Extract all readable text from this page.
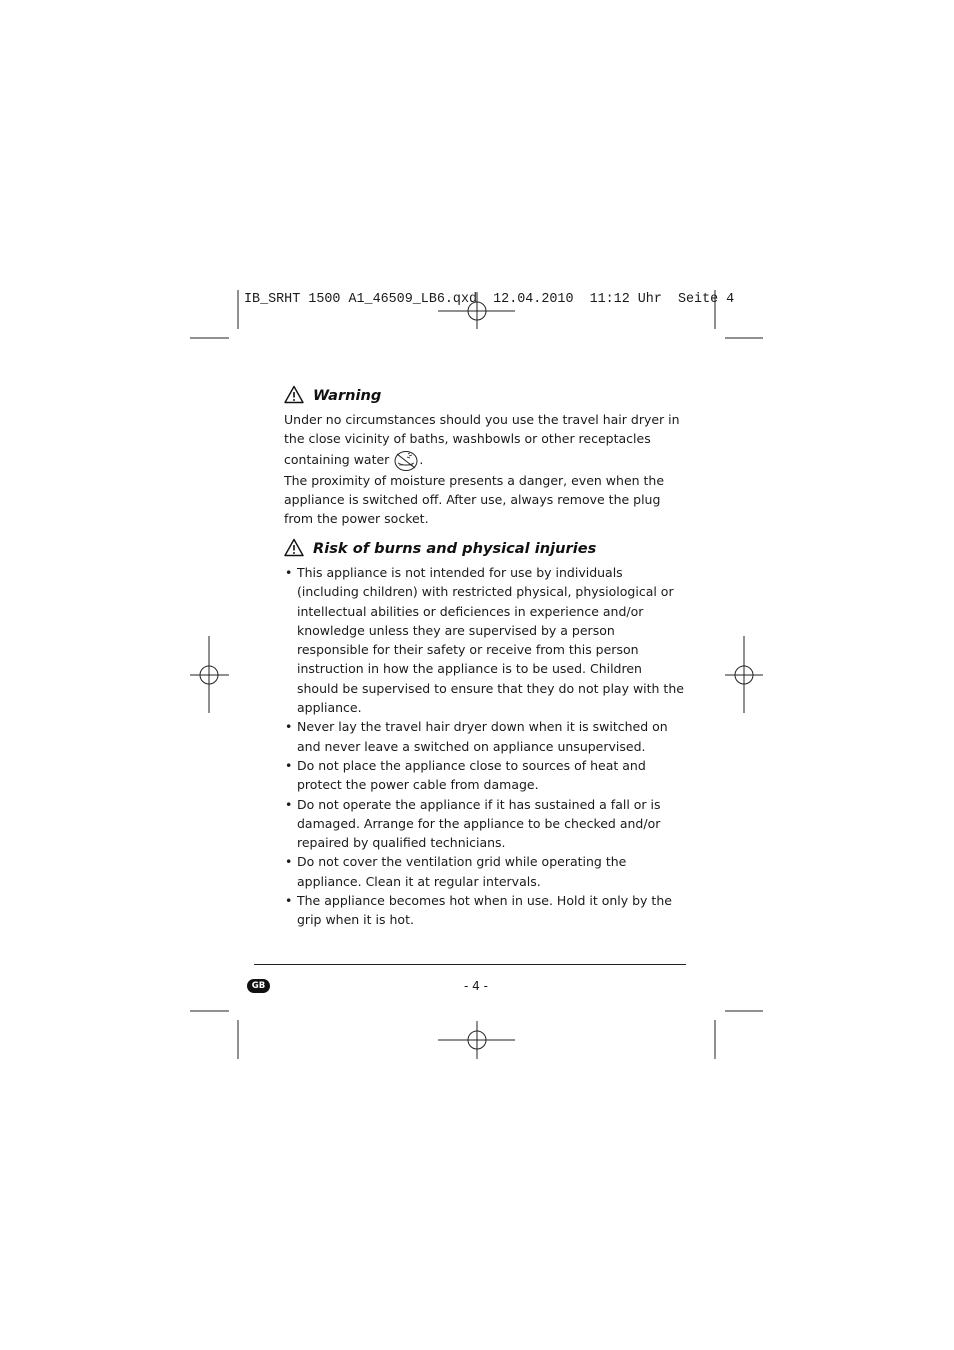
IB_SRHT 1500 A1_46509_LB6.qxd 12.04.2010 11:12 Uhr Seite 4
Warning

Under no circumstances should you use the travel hair dryer in the close vicinity of baths, washbowls or other receptacles containing water .

The proximity of moisture presents a danger, even when the appliance is switched off. After use, always remove the plug from the power socket.

Risk of burns and physical injuries
• This appliance is not intended for use by individuals (including children) with restricted physical, physiological or intellectual abilities or deficiences in experience and/or knowledge unless they are supervised by a person responsible for their safety or receive from this person instruction in how the appliance is to be used. Children should be supervised to ensure that they do not play with the appliance.
• Never lay the travel hair dryer down when it is switched on and never leave a switched on appliance unsupervised.
• Do not place the appliance close to sources of heat and protect the power cable from damage.
• Do not operate the appliance if it has sustained a fall or is damaged. Arrange for the appliance to be checked and/or repaired by qualified technicians.
• Do not cover the ventilation grid while operating the appliance. Clean it at regular intervals.
• The appliance becomes hot when in use. Hold it only by the grip when it is hot.
GB	- 4 -
